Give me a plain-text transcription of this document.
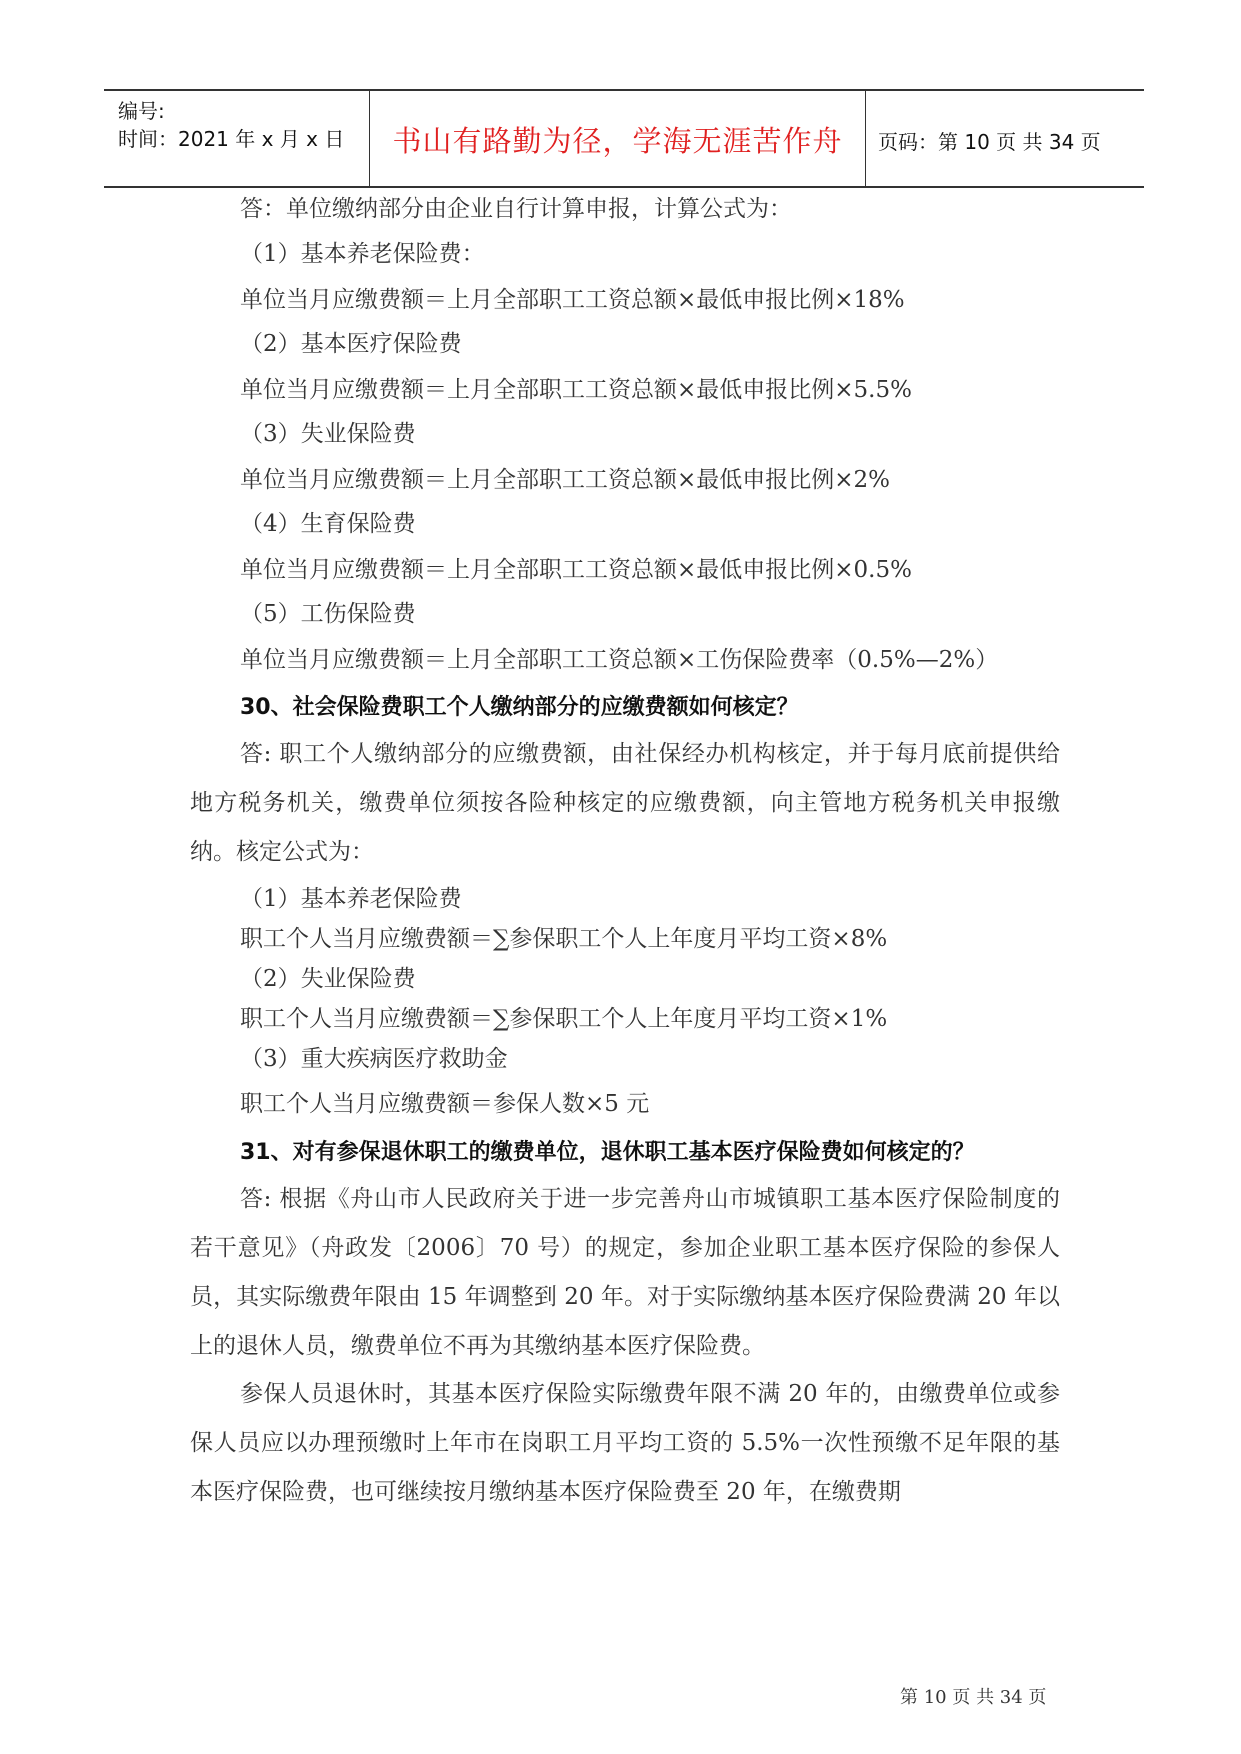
编号:
时间：2021 年 x 月 x 日	书山有路勤为径，学海无涯苦作舟	页码：第 10 页 共 34 页
答：单位缴纳部分由企业自行计算申报，计算公式为：
（1）基本养老保险费：
单位当月应缴费额＝上月全部职工工资总额×最低申报比例×18%
（2）基本医疗保险费
单位当月应缴费额＝上月全部职工工资总额×最低申报比例×5.5%
（3）失业保险费
单位当月应缴费额＝上月全部职工工资总额×最低申报比例×2%
（4）生育保险费
单位当月应缴费额＝上月全部职工工资总额×最低申报比例×0.5%
（5）工伤保险费
单位当月应缴费额＝上月全部职工工资总额×工伤保险费率（0.5%—2%）
30、社会保险费职工个人缴纳部分的应缴费额如何核定？
答: 职工个人缴纳部分的应缴费额，由社保经办机构核定，并于每月底前提供给地方税务机关，缴费单位须按各险种核定的应缴费额，向主管地方税务机关申报缴纳。核定公式为：
（1）基本养老保险费
职工个人当月应缴费额＝∑参保职工个人上年度月平均工资×8%
（2）失业保险费
职工个人当月应缴费额＝∑参保职工个人上年度月平均工资×1%
（3）重大疾病医疗救助金
职工个人当月应缴费额＝参保人数×5 元
31、对有参保退休职工的缴费单位，退休职工基本医疗保险费如何核定的？
答: 根据《舟山市人民政府关于进一步完善舟山市城镇职工基本医疗保险制度的若干意见》（舟政发〔2006〕70 号）的规定，参加企业职工基本医疗保险的参保人员，其实际缴费年限由 15 年调整到 20 年。对于实际缴纳基本医疗保险费满 20 年以上的退休人员，缴费单位不再为其缴纳基本医疗保险费。
参保人员退休时，其基本医疗保险实际缴费年限不满 20 年的，由缴费单位或参保人员应以办理预缴时上年市在岗职工月平均工资的 5.5%一次性预缴不足年限的基本医疗保险费，也可继续按月缴纳基本医疗保险费至 20 年，在缴费期
第 10 页 共 34 页
